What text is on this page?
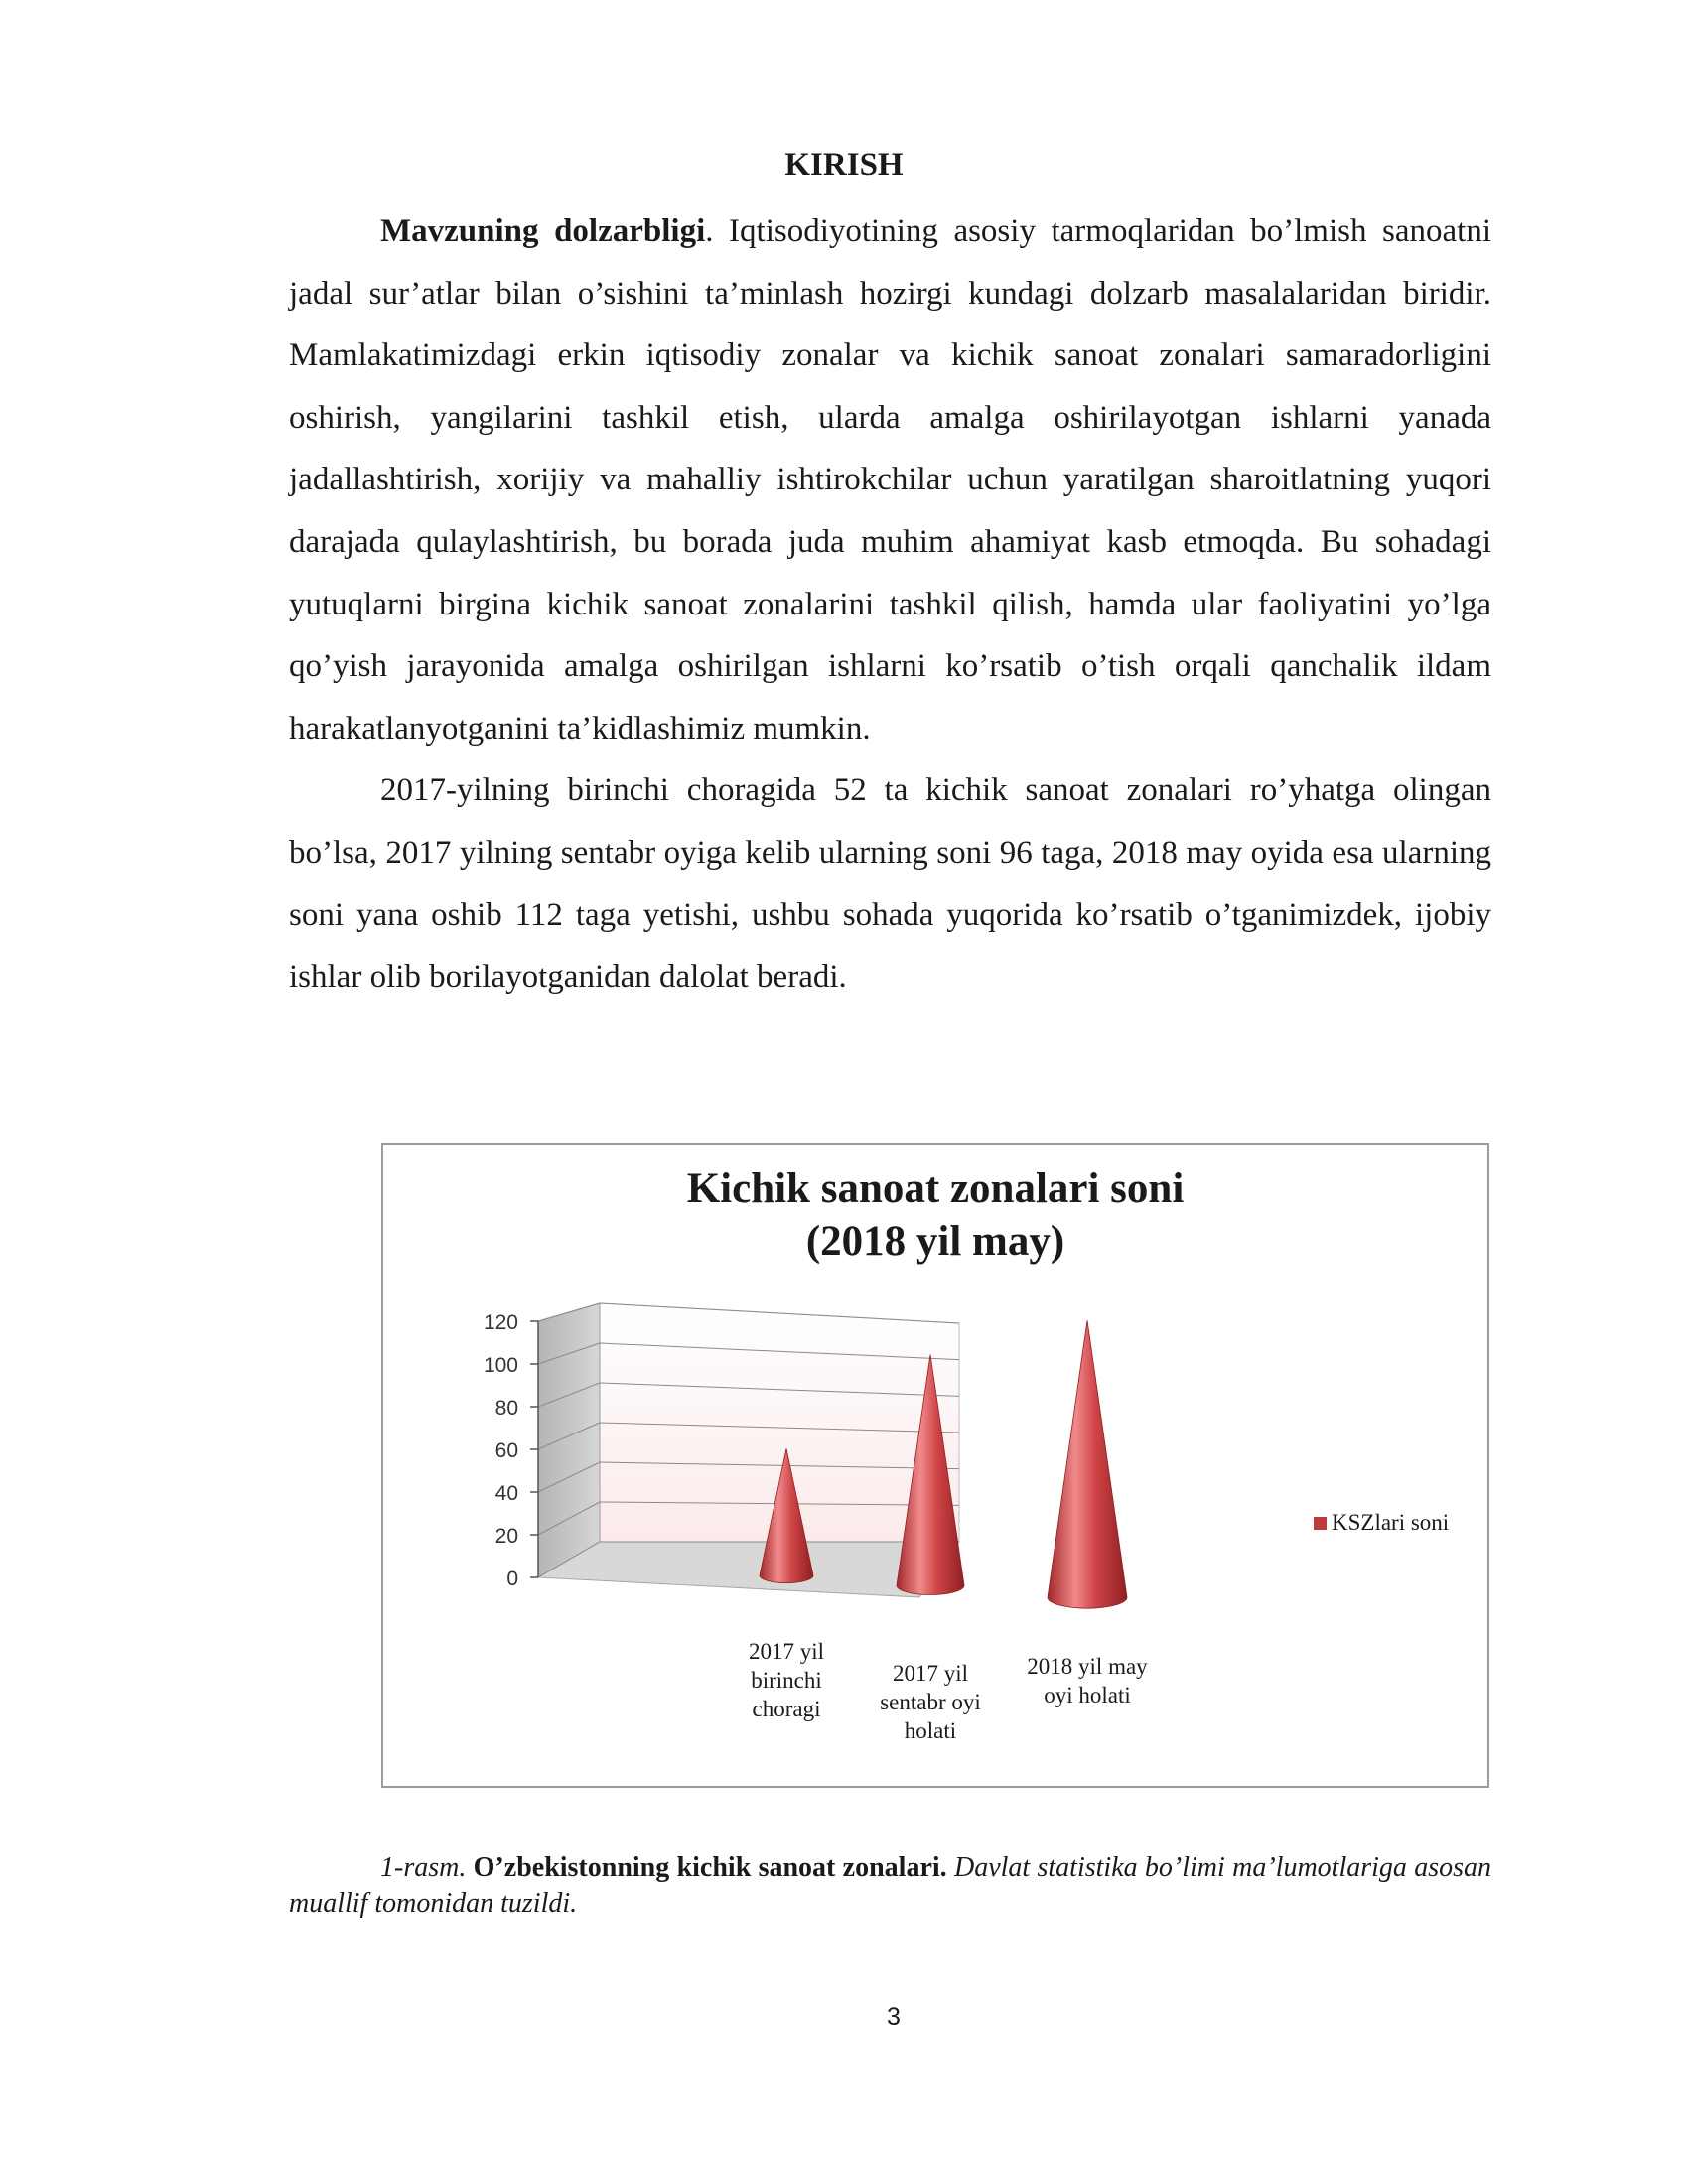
KIRISH

Mavzuning dolzarbligi. Iqtisodiyotining asosiy tarmoqlaridan bo’lmish sanoatni jadal sur’atlar bilan o’sishini ta’minlash hozirgi kundagi dolzarb masalalaridan biridir. Mamlakatimizdagi erkin iqtisodiy zonalar va kichik sanoat zonalari samaradorligini oshirish, yangilarini tashkil etish, ularda amalga oshirilayotgan ishlarni yanada jadallashtirish, xorijiy va mahalliy ishtirokchilar uchun yaratilgan sharoitlatning yuqori darajada qulaylashtirish, bu borada juda muhim ahamiyat kasb etmoqda. Bu sohadagi yutuqlarni birgina kichik sanoat zonalarini tashkil qilish, hamda ular faoliyatini yo’lga qo’yish jarayonida amalga oshirilgan ishlarni ko’rsatib o’tish orqali qanchalik ildam harakatlanyotganini ta’kidlashimiz mumkin.

2017-yilning birinchi choragida 52 ta kichik sanoat zonalari ro’yhatga olingan bo’lsa, 2017 yilning sentabr oyiga kelib ularning soni 96 taga, 2018 may oyida esa ularning soni yana oshib 112 taga yetishi, ushbu sohada yuqorida ko’rsatib o’tganimizdek, ijobiy ishlar olib borilayotganidan dalolat beradi.

Kichik sanoat zonalari soni
(2018 yil may)
0
20
40
60
80
100
120
2017 yil
birinchi
choragi
2017 yil
sentabr oyi
holati
2018 yil may
oyi holati
KSZlari soni

1-rasm. O’zbekistonning kichik sanoat zonalari. Davlat statistika bo’limi ma’lumotlariga asosan muallif tomonidan tuzildi.

3
